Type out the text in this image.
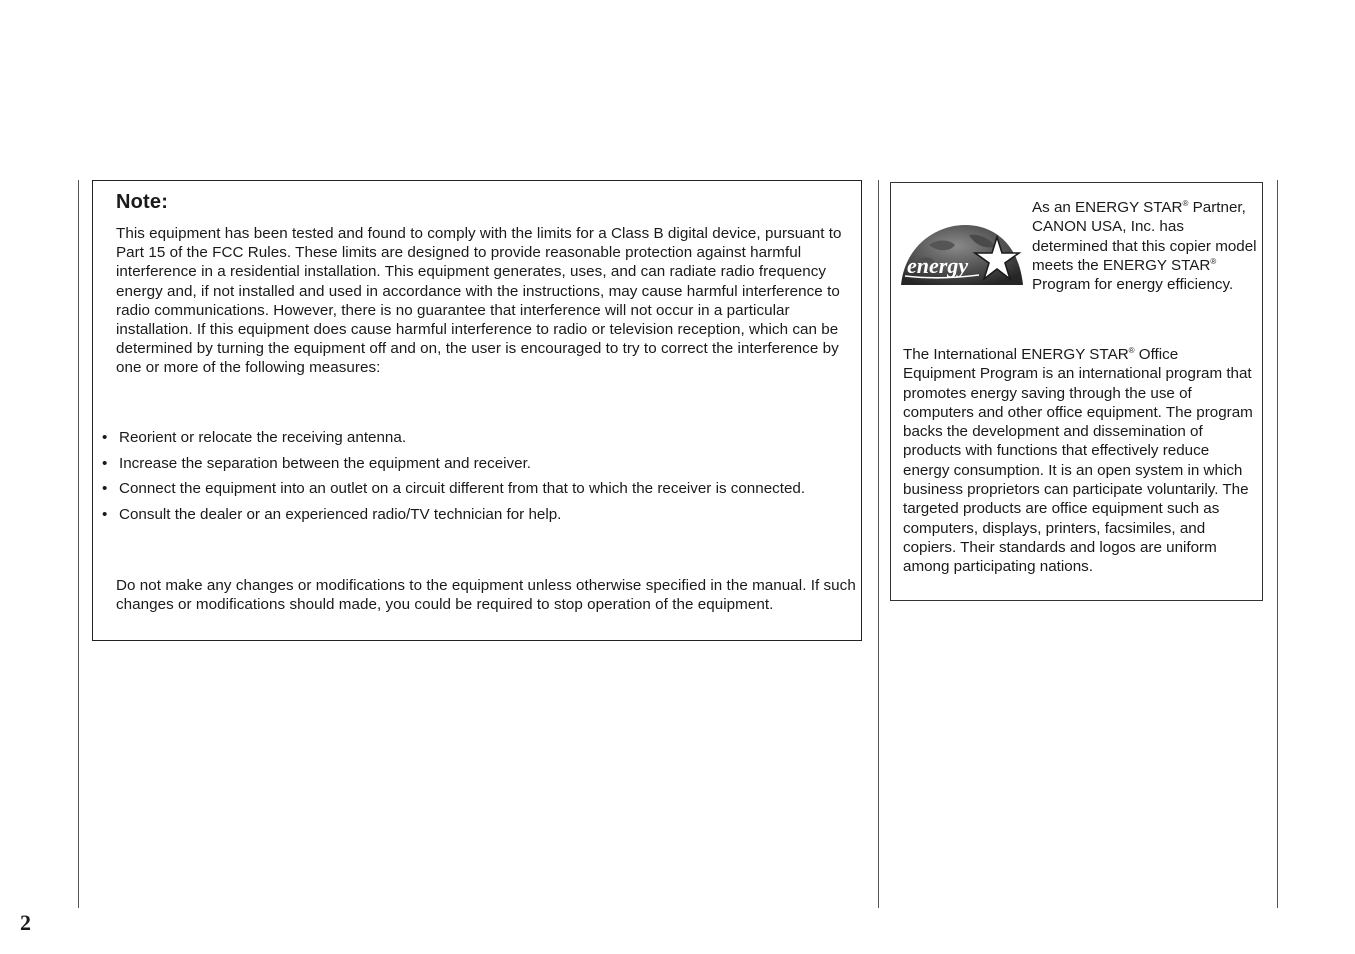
Note:

This equipment has been tested and found to comply with the limits for a Class B digital device, pursuant to Part 15 of the FCC Rules. These limits are designed to provide reasonable protection against harmful interference in a residential installation. This equipment generates, uses, and can radiate radio frequency energy and, if not installed and used in accordance with the instructions, may cause harmful interference to radio communications. However, there is no guarantee that interference will not occur in a particular installation. If this equipment does cause harmful interference to radio or television reception, which can be determined by turning the equipment off and on, the user is encouraged to try to correct the interference by one or more of the following measures:

• Reorient or relocate the receiving antenna.
• Increase the separation between the equipment and receiver.
• Connect the equipment into an outlet on a circuit different from that to which the receiver is connected.
• Consult the dealer or an experienced radio/TV technician for help.

Do not make any changes or modifications to the equipment unless otherwise specified in the manual. If such changes or modifications should made, you could be required to stop operation of the equipment.

energy

As an ENERGY STAR® Partner, CANON USA, Inc. has determined that this copier model meets the ENERGY STAR® Program for energy efficiency.

The International ENERGY STAR® Office Equipment Program is an international program that promotes energy saving through the use of computers and other office equipment. The program backs the development and dissemination of products with functions that effectively reduce energy consumption. It is an open system in which business proprietors can participate voluntarily. The targeted products are office equipment such as computers, displays, printers, facsimiles, and copiers. Their standards and logos are uniform among participating nations.

2
